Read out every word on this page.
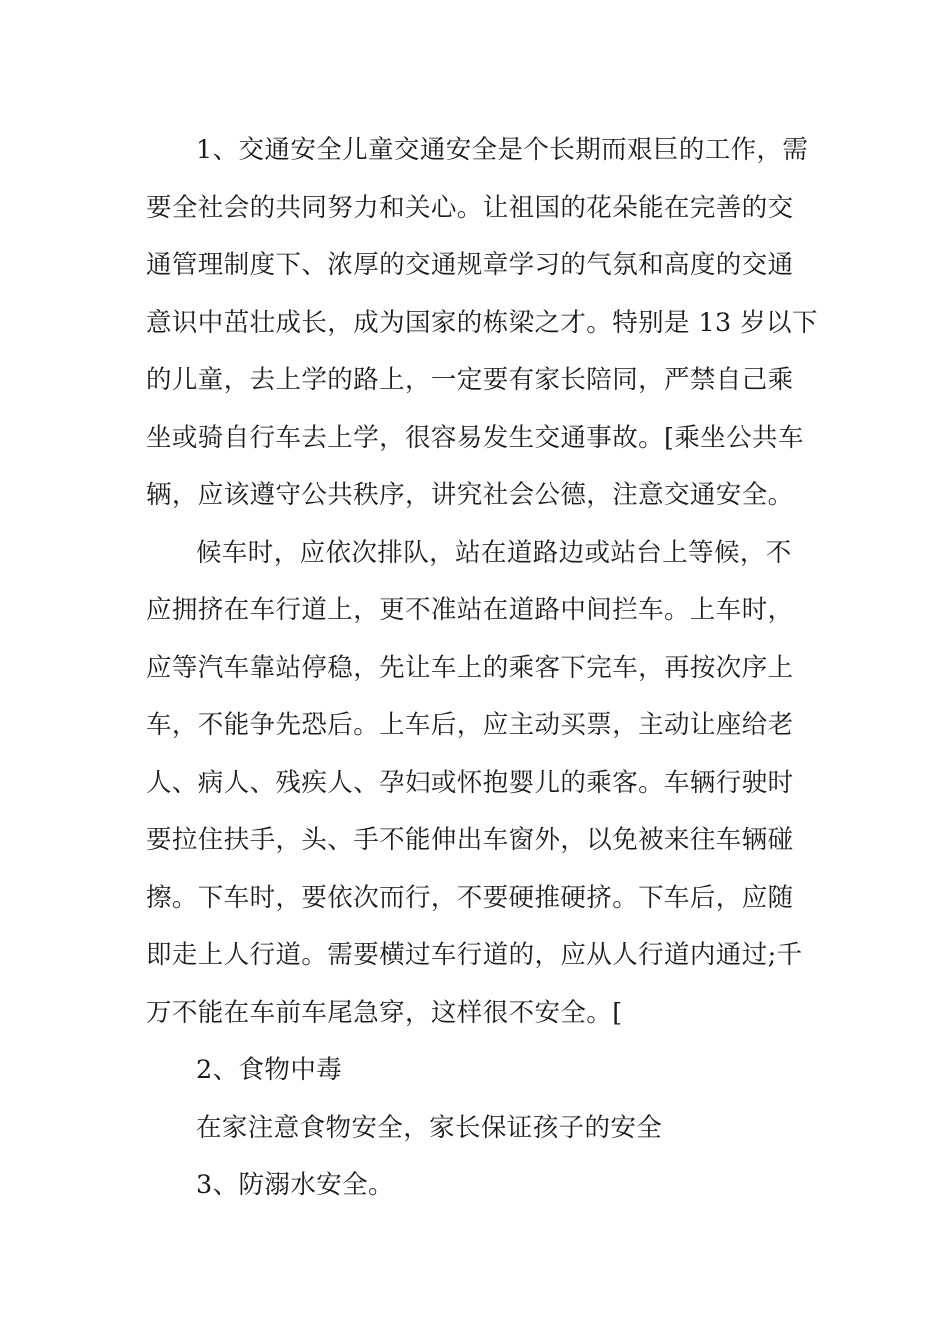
1、交通安全儿童交通安全是个长期而艰巨的工作，需
要全社会的共同努力和关心。让祖国的花朵能在完善的交
通管理制度下、浓厚的交通规章学习的气氛和高度的交通
意识中茁壮成长，成为国家的栋梁之才。特别是 13 岁以下
的儿童，去上学的路上，一定要有家长陪同，严禁自己乘
坐或骑自行车去上学，很容易发生交通事故。[乘坐公共车
辆，应该遵守公共秩序，讲究社会公德，注意交通安全。
候车时，应依次排队，站在道路边或站台上等候，不
应拥挤在车行道上，更不准站在道路中间拦车。上车时，
应等汽车靠站停稳，先让车上的乘客下完车，再按次序上
车，不能争先恐后。上车后，应主动买票，主动让座给老
人、病人、残疾人、孕妇或怀抱婴儿的乘客。车辆行驶时
要拉住扶手，头、手不能伸出车窗外，以免被来往车辆碰
擦。下车时，要依次而行，不要硬推硬挤。下车后，应随
即走上人行道。需要横过车行道的，应从人行道内通过;千
万不能在车前车尾急穿，这样很不安全。[
2、食物中毒
在家注意食物安全，家长保证孩子的安全
3、防溺水安全。
